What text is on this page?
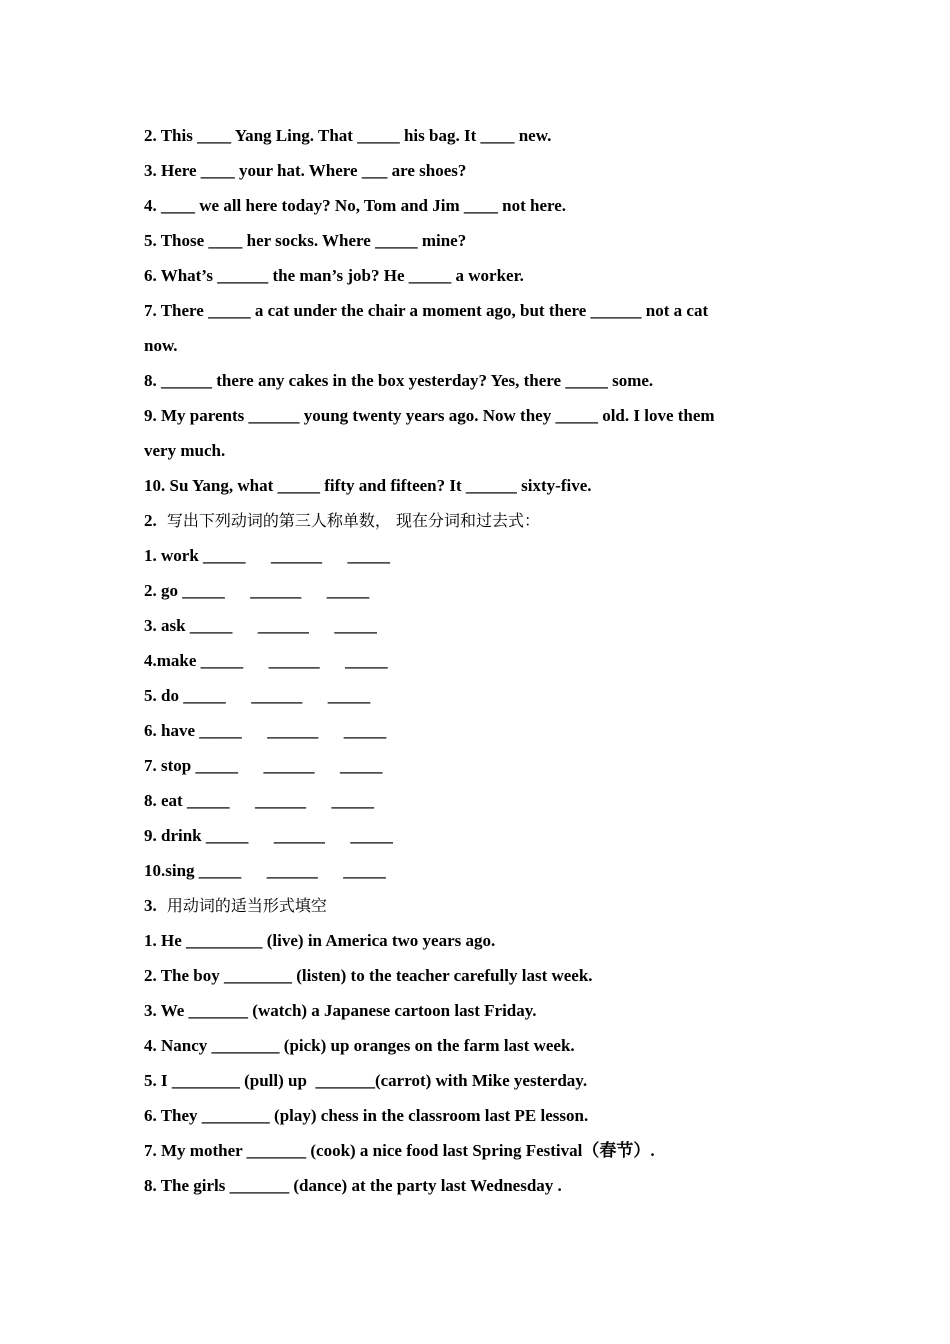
2. This ____ Yang Ling. That _____ his bag. It ____ new.
3. Here ____ your hat. Where ___ are shoes?
4. ____ we all here today? No, Tom and Jim ____ not here.
5. Those ____ her socks. Where _____ mine?
6. What’s ______ the man’s job? He _____ a worker.
7. There _____ a cat under the chair a moment ago, but there ______ not a cat
now.
8. ______ there any cakes in the box yesterday? Yes, there _____ some.
9. My parents ______ young twenty years ago. Now they _____ old. I love them
very much.
10. Su Yang, what _____ fifty and fifteen? It ______ sixty-five.
2. 写出下列动词的第三人称单数， 现在分词和过去式：
1. work _____      ______      _____
2. go _____      ______      _____
3. ask _____      ______      _____
4.make _____      ______      _____
5. do _____      ______      _____
6. have _____      ______      _____
7. stop _____      ______      _____
8. eat _____      ______      _____
9. drink _____      ______      _____
10.sing _____      ______      _____
3. 用动词的适当形式填空
1. He _________ (live) in America two years ago.
2. The boy ________ (listen) to the teacher carefully last week.
3. We _______ (watch) a Japanese cartoon last Friday.
4. Nancy ________ (pick) up oranges on the farm last week.
5. I ________ (pull) up  _______(carrot) with Mike yesterday.
6. They ________ (play) chess in the classroom last PE lesson.
7. My mother _______ (cook) a nice food last Spring Festival（春节）.
8. The girls _______ (dance) at the party last Wednesday .
